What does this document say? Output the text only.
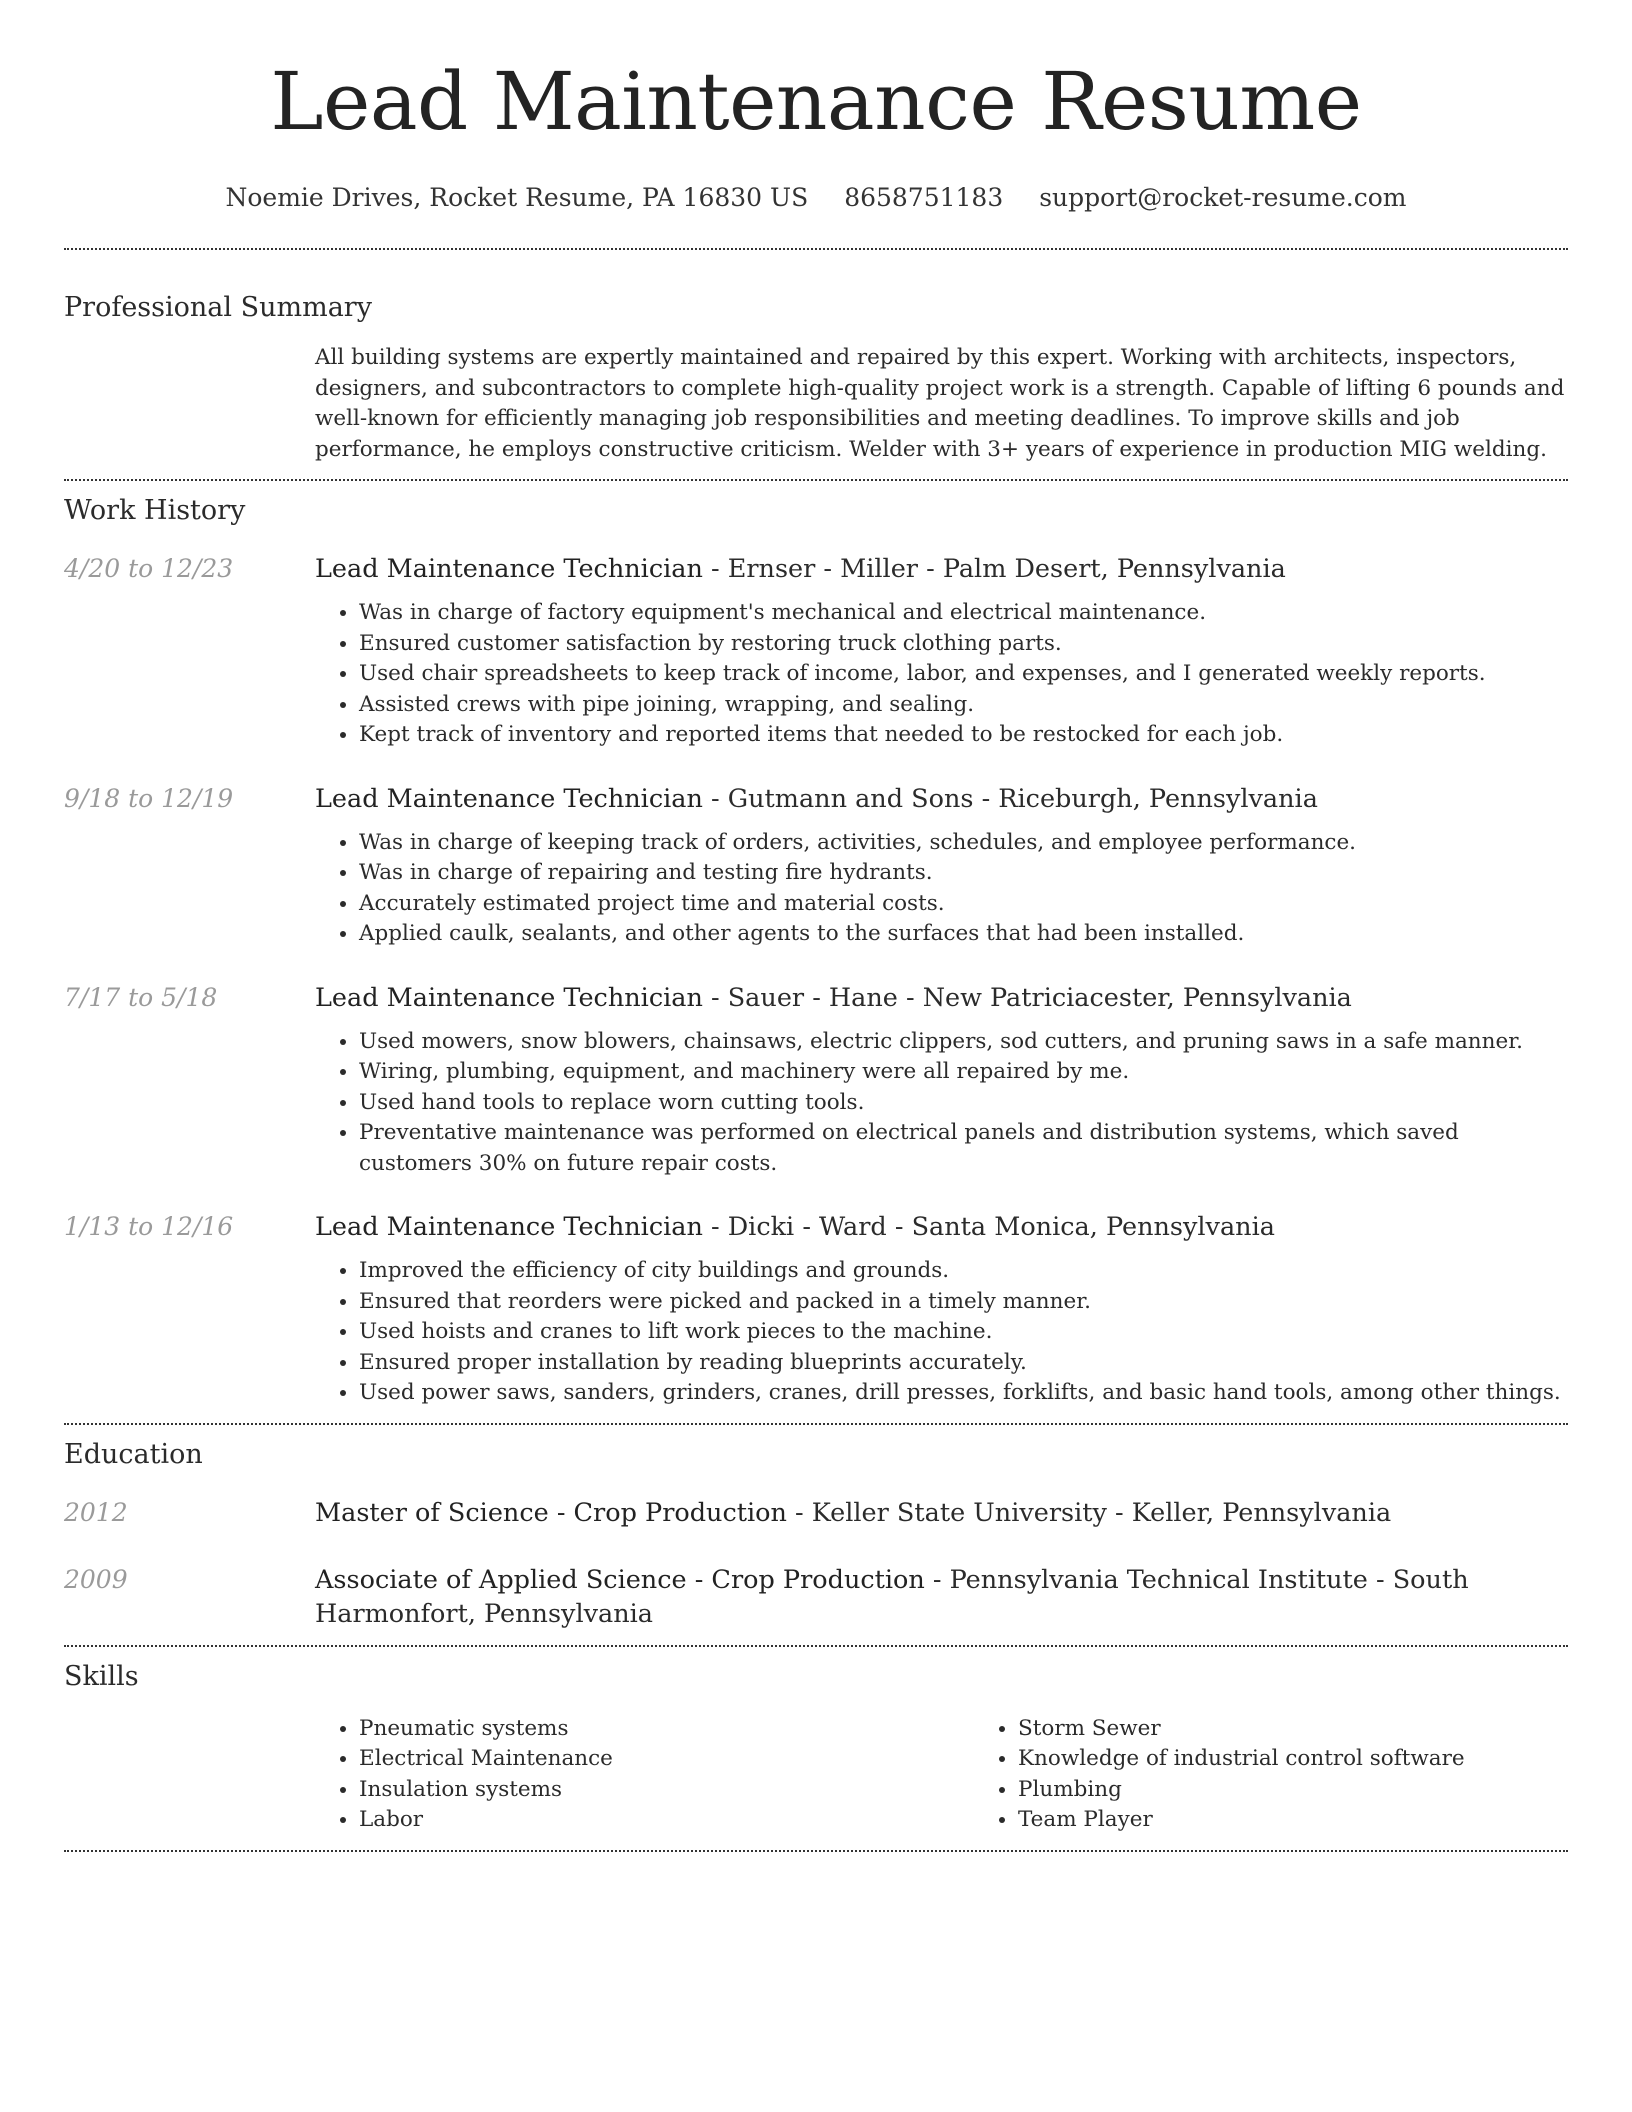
Lead Maintenance Resume
Noemie Drives, Rocket Resume, PA 16830 US 8658751183 support@rocket-resume.com
Professional Summary
All building systems are expertly maintained and repaired by this expert. Working with architects, inspectors, designers, and subcontractors to complete high-quality project work is a strength. Capable of lifting 6 pounds and well-known for efficiently managing job responsibilities and meeting deadlines. To improve skills and job performance, he employs constructive criticism. Welder with 3+ years of experience in production MIG welding.
Work History
4/20 to 12/23	Lead Maintenance Technician - Ernser - Miller - Palm Desert, Pennsylvania
• Was in charge of factory equipment's mechanical and electrical maintenance.
• Ensured customer satisfaction by restoring truck clothing parts.
• Used chair spreadsheets to keep track of income, labor, and expenses, and I generated weekly reports.
• Assisted crews with pipe joining, wrapping, and sealing.
• Kept track of inventory and reported items that needed to be restocked for each job.
9/18 to 12/19	Lead Maintenance Technician - Gutmann and Sons - Riceburgh, Pennsylvania
• Was in charge of keeping track of orders, activities, schedules, and employee performance.
• Was in charge of repairing and testing fire hydrants.
• Accurately estimated project time and material costs.
• Applied caulk, sealants, and other agents to the surfaces that had been installed.
7/17 to 5/18	Lead Maintenance Technician - Sauer - Hane - New Patriciacester, Pennsylvania
• Used mowers, snow blowers, chainsaws, electric clippers, sod cutters, and pruning saws in a safe manner.
• Wiring, plumbing, equipment, and machinery were all repaired by me.
• Used hand tools to replace worn cutting tools.
• Preventative maintenance was performed on electrical panels and distribution systems, which saved customers 30% on future repair costs.
1/13 to 12/16	Lead Maintenance Technician - Dicki - Ward - Santa Monica, Pennsylvania
• Improved the efficiency of city buildings and grounds.
• Ensured that reorders were picked and packed in a timely manner.
• Used hoists and cranes to lift work pieces to the machine.
• Ensured proper installation by reading blueprints accurately.
• Used power saws, sanders, grinders, cranes, drill presses, forklifts, and basic hand tools, among other things.
Education
2012	Master of Science - Crop Production - Keller State University - Keller, Pennsylvania
2009	Associate of Applied Science - Crop Production - Pennsylvania Technical Institute - South Harmonfort, Pennsylvania
Skills
• Pneumatic systems
• Electrical Maintenance
• Insulation systems
• Labor
• Storm Sewer
• Knowledge of industrial control software
• Plumbing
• Team Player
